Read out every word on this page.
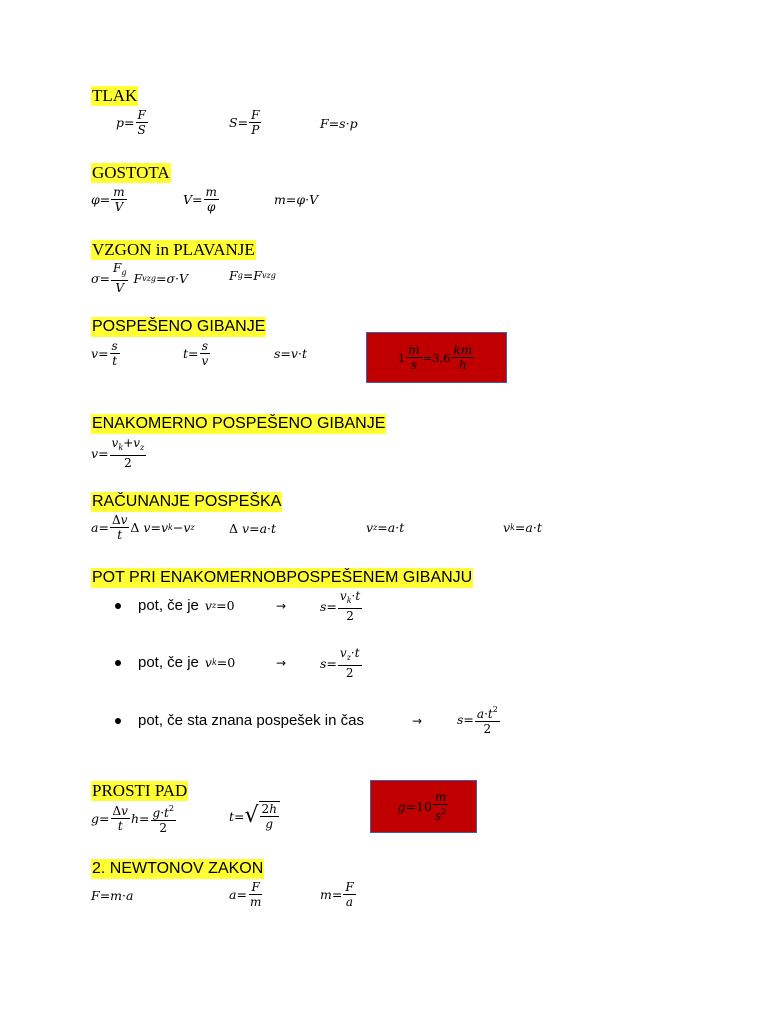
TLAK
$p = \frac{F}{S}$	$S = \frac{F}{P}$	F = s · p
GOSTOTA
$\varphi = \frac{m}{V}$	$V = \frac{m}{\varphi}$	m = φ · V
VZGON in PLAVANJE
$\sigma = \frac{F_g}{V}$ F vzg = σ · V	F g = F vzg
POSPEŠENO GIBANJE
$v = \frac{s}{t}$	$t = \frac{s}{v}$	s = v · t	$1 \frac{m}{s} =3,6 \frac{km}{h}$
ENAKOMERNO POSPEŠENO GIBANJE
$v = \frac{v_k+v_z}{2}$
RAČUNANJE POSPEŠKA
$a = \frac{\Delta v}{t}$ Δ v = v k − v z	Δ v = a · t	v z = a · t	v k = a · t
POT PRI ENAKOMERNOBPOSPEŠENEM GIBANJU
pot, če je v z =0	→	$s = \frac{v_k\cdot t}{2}$
pot, če je v k =0	→	$s = \frac{v_z\cdot t}{2}$
pot, če sta znana pospešek in čas	→	$s = \frac{a\cdot t^2}{2}$
PROSTI PAD
$g = \frac{\Delta v}{t}$ $h = \frac{g\cdot t^2}{2}$	t = √ $\frac{2h}{g}$	$g =10 \frac{m}{s^2}$
2. NEWTONOV ZAKON
F = m · a	$a = \frac{F}{m}$	$m = \frac{F}{a}$
